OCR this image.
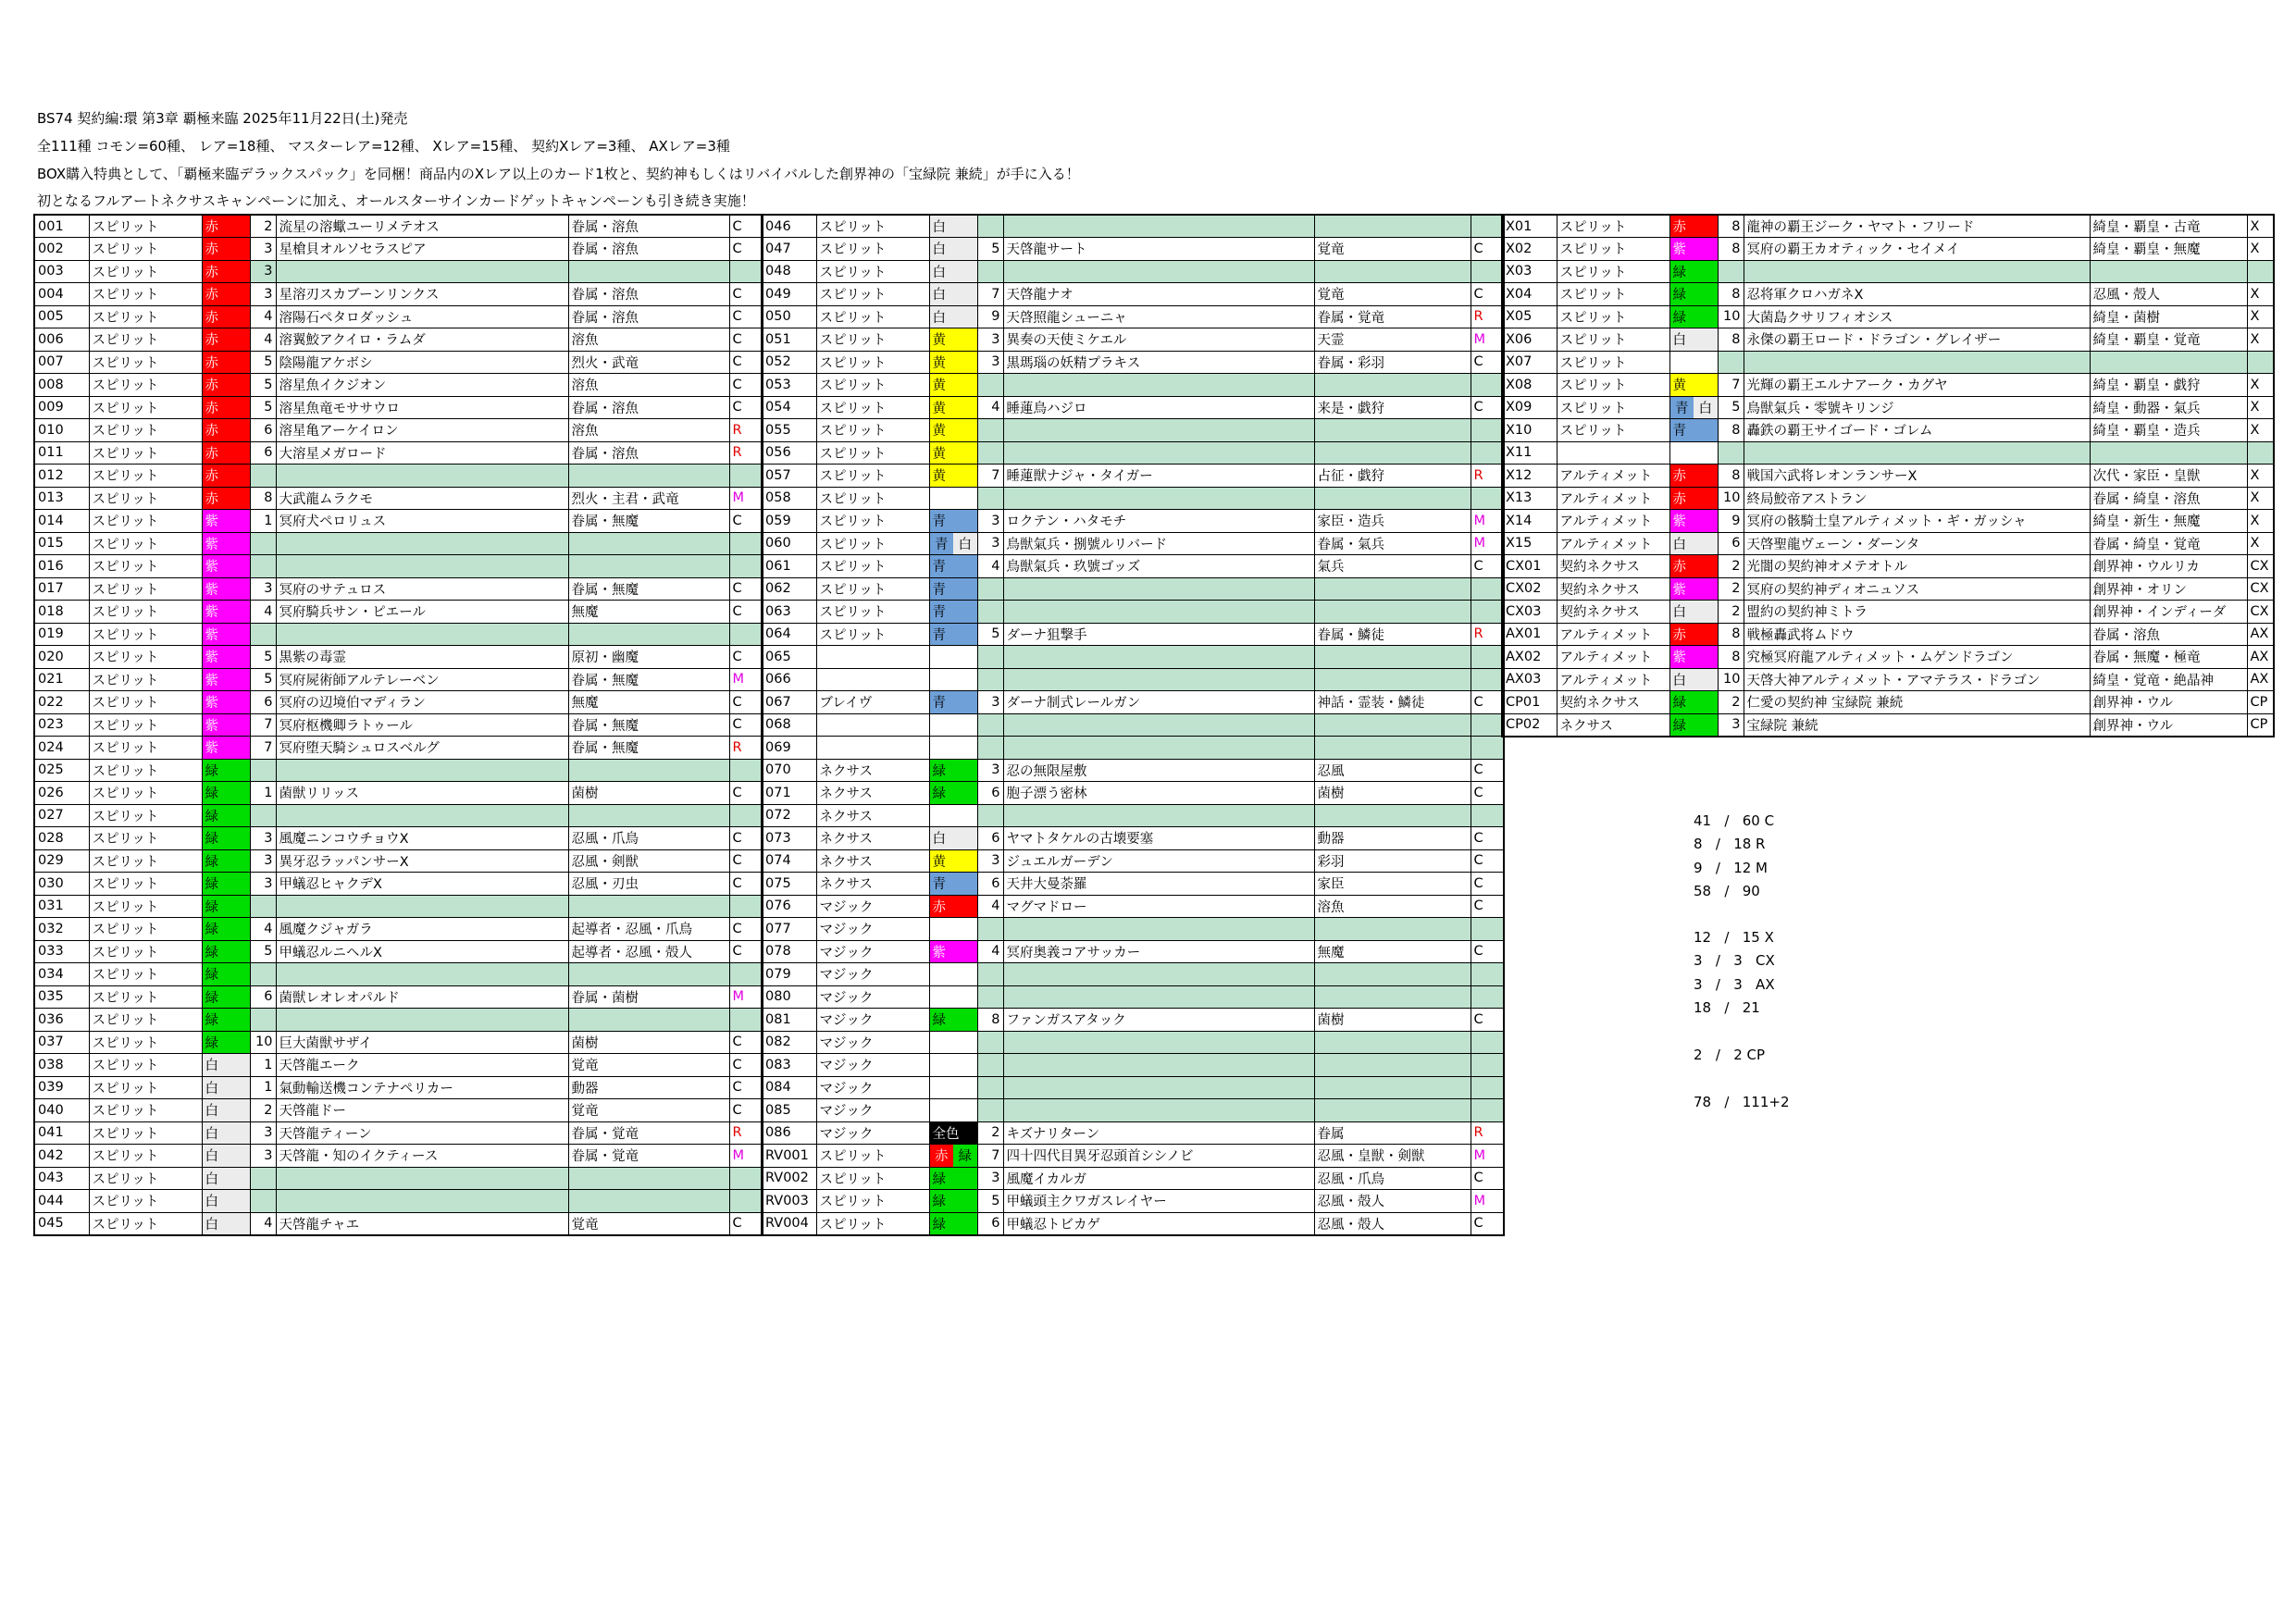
BS74 契約編:環 第3章 覇極来臨 2025年11月22日(土)発売
全111種 コモン=60種、 レア=18種、 マスターレア=12種、 Xレア=15種、 契約Xレア=3種、 AXレア=3種
BOX購入特典として、「覇極来臨デラックスパック」を同梱！商品内のXレア以上のカード1枚と、契約神もしくはリバイバルした創界神の「宝緑院 兼続」が手に入る！
初となるフルアートネクサスキャンペーンに加え、オールスターサインカードゲットキャンペーンも引き続き実施！
001	スピリット	赤	2	流星の溶蠍ユーリメテオス	眷属・溶魚	C
002	スピリット	赤	3	星槍貝オルソセラスピア	眷属・溶魚	C
003	スピリット	赤	3			
004	スピリット	赤	3	星溶刃スカブーンリンクス	眷属・溶魚	C
005	スピリット	赤	4	溶陽石ペタロダッシュ	眷属・溶魚	C
006	スピリット	赤	4	溶翼鮫アクイロ・ラムダ	溶魚	C
007	スピリット	赤	5	陰陽龍アケボシ	烈火・武竜	C
008	スピリット	赤	5	溶星魚イクジオン	溶魚	C
009	スピリット	赤	5	溶星魚竜モササウロ	眷属・溶魚	C
010	スピリット	赤	6	溶星亀アーケイロン	溶魚	R
011	スピリット	赤	6	大溶星メガロード	眷属・溶魚	R
012	スピリット	赤				
013	スピリット	赤	8	大武龍ムラクモ	烈火・主君・武竜	M
014	スピリット	紫	1	冥府犬ペロリュス	眷属・無魔	C
015	スピリット	紫				
016	スピリット	紫				
017	スピリット	紫	3	冥府のサテュロス	眷属・無魔	C
018	スピリット	紫	4	冥府騎兵サン・ピエール	無魔	C
019	スピリット	紫				
020	スピリット	紫	5	黒紫の毒霊	原初・幽魔	C
021	スピリット	紫	5	冥府屍術師アルテレーベン	眷属・無魔	M
022	スピリット	紫	6	冥府の辺境伯マディラン	無魔	C
023	スピリット	紫	7	冥府枢機卿ラトゥール	眷属・無魔	C
024	スピリット	紫	7	冥府堕天騎シュロスベルグ	眷属・無魔	R
025	スピリット	緑				
026	スピリット	緑	1	菌獣リリッス	菌樹	C
027	スピリット	緑				
028	スピリット	緑	3	風魔ニンコウチョウX	忍風・爪鳥	C
029	スピリット	緑	3	異牙忍ラッパンサーX	忍風・剣獣	C
030	スピリット	緑	3	甲蟻忍ヒャクデX	忍風・刃虫	C
031	スピリット	緑				
032	スピリット	緑	4	風魔クジャガラ	起導者・忍風・爪鳥	C
033	スピリット	緑	5	甲蟻忍ルニヘルX	起導者・忍風・殻人	C
034	スピリット	緑				
035	スピリット	緑	6	菌獣レオレオパルド	眷属・菌樹	M
036	スピリット	緑				
037	スピリット	緑	10	巨大菌獣サザイ	菌樹	C
038	スピリット	白	1	天啓龍エーク	覚竜	C
039	スピリット	白	1	氣動輸送機コンテナペリカー	動器	C
040	スピリット	白	2	天啓龍ドー	覚竜	C
041	スピリット	白	3	天啓龍ティーン	眷属・覚竜	R
042	スピリット	白	3	天啓龍・知のイクティース	眷属・覚竜	M
043	スピリット	白				
044	スピリット	白				
045	スピリット	白	4	天啓龍チャエ	覚竜	C
046	スピリット	白				
047	スピリット	白	5	天啓龍サート	覚竜	C
048	スピリット	白				
049	スピリット	白	7	天啓龍ナオ	覚竜	C
050	スピリット	白	9	天啓照龍シューニャ	眷属・覚竜	R
051	スピリット	黄	3	異奏の天使ミケエル	天霊	M
052	スピリット	黄	3	黒瑪瑙の妖精プラキス	眷属・彩羽	C
053	スピリット	黄				
054	スピリット	黄	4	睡蓮鳥ハジロ	来是・戯狩	C
055	スピリット	黄				
056	スピリット	黄				
057	スピリット	黄	7	睡蓮獣ナジャ・タイガー	占征・戯狩	R
058	スピリット					
059	スピリット	青	3	ロクテン・ハタモチ	家臣・造兵	M
060	スピリット	青 白	3	鳥獣氣兵・捌號ルリバード	眷属・氣兵	M
061	スピリット	青	4	鳥獣氣兵・玖號ゴッズ	氣兵	C
062	スピリット	青				
063	スピリット	青				
064	スピリット	青	5	ダーナ狙撃手	眷属・鱗徒	R
065						
066						
067	ブレイヴ	青	3	ダーナ制式レールガン	神話・霊装・鱗徒	C
068						
069						
070	ネクサス	緑	3	忍の無限屋敷	忍風	C
071	ネクサス	緑	6	胞子漂う密林	菌樹	C
072	ネクサス					
073	ネクサス	白	6	ヤマトタケルの古壊要塞	動器	C
074	ネクサス	黄	3	ジュエルガーデン	彩羽	C
075	ネクサス	青	6	天井大曼荼羅	家臣	C
076	マジック	赤	4	マグマドロー	溶魚	C
077	マジック					
078	マジック	紫	4	冥府奥義コアサッカー	無魔	C
079	マジック					
080	マジック					
081	マジック	緑	8	ファンガスアタック	菌樹	C
082	マジック					
083	マジック					
084	マジック					
085	マジック					
086	マジック	全色	2	キズナリターン	眷属	R
RV001	スピリット	赤 緑	7	四十四代目異牙忍頭首シシノビ	忍風・皇獣・剣獣	M
RV002	スピリット	緑	3	風魔イカルガ	忍風・爪鳥	C
RV003	スピリット	緑	5	甲蟻頭主クワガスレイヤー	忍風・殻人	M
RV004	スピリット	緑	6	甲蟻忍トビカゲ	忍風・殻人	C
X01	スピリット	赤	8	龍神の覇王ジーク・ヤマト・フリード	綺皇・覇皇・古竜	X
X02	スピリット	紫	8	冥府の覇王カオティック・セイメイ	綺皇・覇皇・無魔	X
X03	スピリット	緑				
X04	スピリット	緑	8	忍将軍クロハガネX	忍風・殻人	X
X05	スピリット	緑	10	大菌島クサリフィオシス	綺皇・菌樹	X
X06	スピリット	白	8	永傑の覇王ロード・ドラゴン・グレイザー	綺皇・覇皇・覚竜	X
X07	スピリット					
X08	スピリット	黄	7	光輝の覇王エルナアーク・カグヤ	綺皇・覇皇・戯狩	X
X09	スピリット	青 白	5	鳥獣氣兵・零號キリンジ	綺皇・動器・氣兵	X
X10	スピリット	青	8	轟鉄の覇王サイゴード・ゴレム	綺皇・覇皇・造兵	X
X11						
X12	アルティメット	赤	8	戦国六武将レオンランサーX	次代・家臣・皇獣	X
X13	アルティメット	赤	10	終局鮫帝アストラン	眷属・綺皇・溶魚	X
X14	アルティメット	紫	9	冥府の骸騎士皇アルティメット・ギ・ガッシャ	綺皇・新生・無魔	X
X15	アルティメット	白	6	天啓聖龍ヴェーン・ダーンタ	眷属・綺皇・覚竜	X
CX01	契約ネクサス	赤	2	光闇の契約神オメテオトル	創界神・ウルリカ	CX
CX02	契約ネクサス	紫	2	冥府の契約神ディオニュソス	創界神・オリン	CX
CX03	契約ネクサス	白	2	盟約の契約神ミトラ	創界神・インディーダ	CX
AX01	アルティメット	赤	8	戦極轟武将ムドウ	眷属・溶魚	AX
AX02	アルティメット	紫	8	究極冥府龍アルティメット・ムゲンドラゴン	眷属・無魔・極竜	AX
AX03	アルティメット	白	10	天啓大神アルティメット・アマテラス・ドラゴン	綺皇・覚竜・絶晶神	AX
CP01	契約ネクサス	緑	2	仁愛の契約神 宝緑院 兼続	創界神・ウル	CP
CP02	ネクサス	緑	3	宝緑院 兼続	創界神・ウル	CP
41   /   60 C
8   /   18 R
9   /   12 M
58   /   90
12   /   15 X
3   /   3   CX
3   /   3   AX
18   /   21
2   /   2 CP
78   /   111+2
